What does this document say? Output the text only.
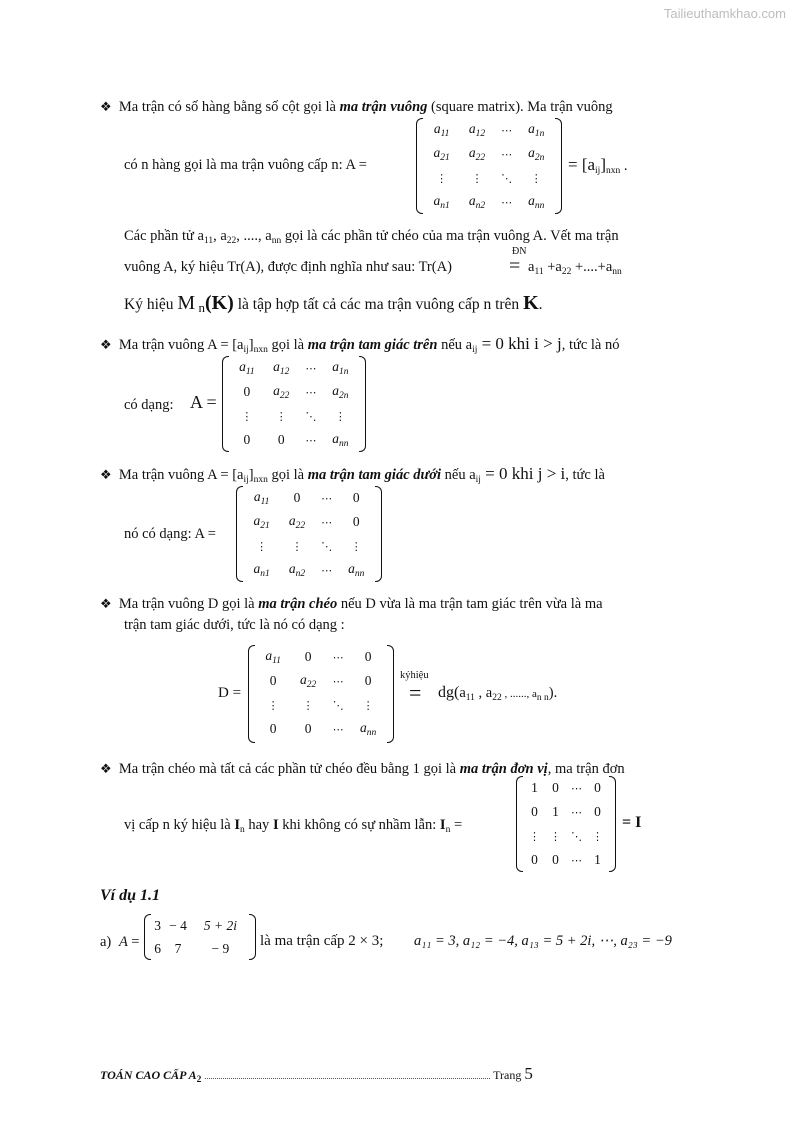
Tailieuthamkhao.com
❖ Ma trận có số hàng bằng số cột gọi là ma trận vuông (square matrix). Ma trận vuông
có n hàng gọi là ma trận vuông cấp n: A =
$a_{11}$	$a_{12}$	⋯	$a_{1n}$
$a_{21}$	$a_{22}$	⋯	$a_{2n}$
⋮	⋮	⋱	⋮
$a_{n1}$	$a_{n2}$	⋯	$a_{nn}$
= $[a_{ij}]_{nxn}$ .
Các phần tử $a_{11}$, $a_{22}$, ...., $a_{nn}$ gọi là các phần tử chéo của ma trận vuông A. Vết ma trận
vuông A, ký hiệu Tr(A), được định nghĩa như sau: Tr(A)
ĐN
= $a_{11} +a_{22} +....+a_{nn}$
Ký hiệu M $_n$(K) là tập hợp tất cả các ma trận vuông cấp n trên K.
❖ Ma trận vuông $A = [a_{ij}]_{nxn}$ gọi là ma trận tam giác trên nếu $a_{ij} = 0$ khi i > j, tức là nó
có dạng: A =
$a_{11}$	$a_{12}$	⋯	$a_{1n}$
0	$a_{22}$	⋯	$a_{2n}$
⋮	⋮	⋱	⋮
0	0	⋯	$a_{nn}$
❖ Ma trận vuông $A = [a_{ij}]_{nxn}$ gọi là ma trận tam giác dưới nếu $a_{ij} = 0$ khi j > i, tức là
nó có dạng: A =
$a_{11}$	0	⋯	0
$a_{21}$	$a_{22}$	⋯	0
⋮	⋮	⋱	⋮
$a_{n1}$	$a_{n2}$	⋯	$a_{nn}$
❖ Ma trận vuông D gọi là ma trận chéo nếu D vừa là ma trận tam giác trên vừa là ma
trận tam giác dưới, tức là nó có dạng :
D =
$a_{11}$	0	⋯	0
0	$a_{22}$	⋯	0
⋮	⋮	⋱	⋮
0	0	⋯	$a_{nn}$
kýhiệu
= $dg(a_{11}$ , $a_{22}$ , ......, $a_{n n}$).
❖ Ma trận chéo mà tất cả các phần tử chéo đều bằng 1 gọi là ma trận đơn vị, ma trận đơn
vị cấp n ký hiệu là $I_n$ hay I khi không có sự nhầm lẫn: $I_n$ =
1	0	⋯	0
0	1	⋯	0
⋮	⋮	⋱	⋮
0	0	⋯	1
= I
Ví dụ 1.1
a) A =
3	− 4	5 + 2i
6	7	− 9 là ma trận cấp 2 × 3; a₁₁ = 3, a₁₂ = −4, a₁₃ = 5 + 2i, ⋯, a₂₃ = −9
TOÁN CAO CẤP $A_2$ ............................................................................................................................................... Trang 5
